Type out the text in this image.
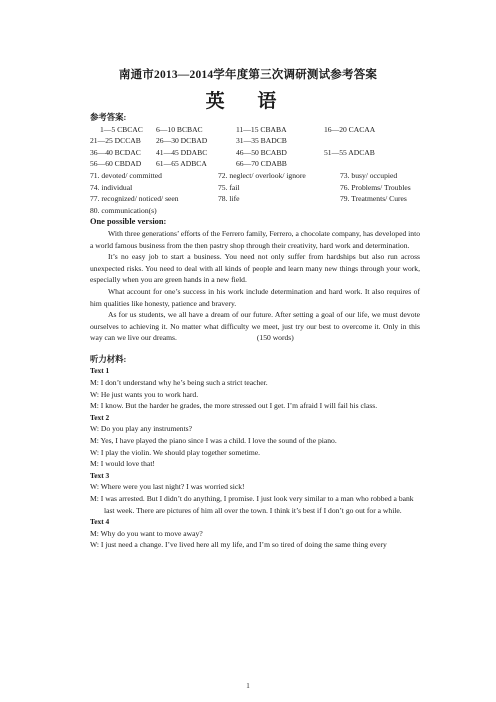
南通市2013—2014学年度第三次调研测试参考答案
英 语
参考答案:
1—5 CBCAC 6—10 BCBAC	11—15 CBABA	16—20 CACAA
21—25 DCCAB 26—30 DCBAD	31—35 BADCB
36—40 BCDAC 41—45 DDABC	46—50 BCABD	51—55 ADCAB
56—60 CBDAD 61—65 ADBCA	66—70 CDABB
71. devoted/ committed	72. neglect/ overlook/ ignore	73. busy/ occupied
74. individual	75. fail	76. Problems/ Troubles
77. recognized/ noticed/ seen	78. life	79. Treatments/ Cures
80. communication(s)
One possible version:

With three generations’ efforts of the Ferrero family, Ferrero, a chocolate company, has developed into a world famous business from the then pastry shop through their creativity, hard work and determination.

It’s no easy job to start a business. You need not only suffer from hardships but also run across unexpected risks. You need to deal with all kinds of people and learn many new things through your work, especially when you are green hands in a new field.

What account for one’s success in his work include determination and hard work. It also requires of him qualities like honesty, patience and bravery.

As for us students, we all have a dream of our future. After setting a goal of our life, we must devote ourselves to achieving it. No matter what difficulty we meet, just try our best to overcome it. Only in this way can we live our dreams.	(150 words)

听力材料:
Text 1
M: I don’t understand why he’s being such a strict teacher.
W: He just wants you to work hard.
M: I know. But the harder he grades, the more stressed out I get. I’m afraid I will fail his class.
Text 2
W: Do you play any instruments?
M: Yes, I have played the piano since I was a child. I love the sound of the piano.
W: I play the violin. We should play together sometime.
M: I would love that!
Text 3
W: Where were you last night? I was worried sick!
M: I was arrested. But I didn’t do anything, I promise. I just look very similar to a man who robbed a bank last week. There are pictures of him all over the town. I think it’s best if I don’t go out for a while.
Text 4
M: Why do you want to move away?
W: I just need a change. I’ve lived here all my life, and I’m so tired of doing the same thing every
1
